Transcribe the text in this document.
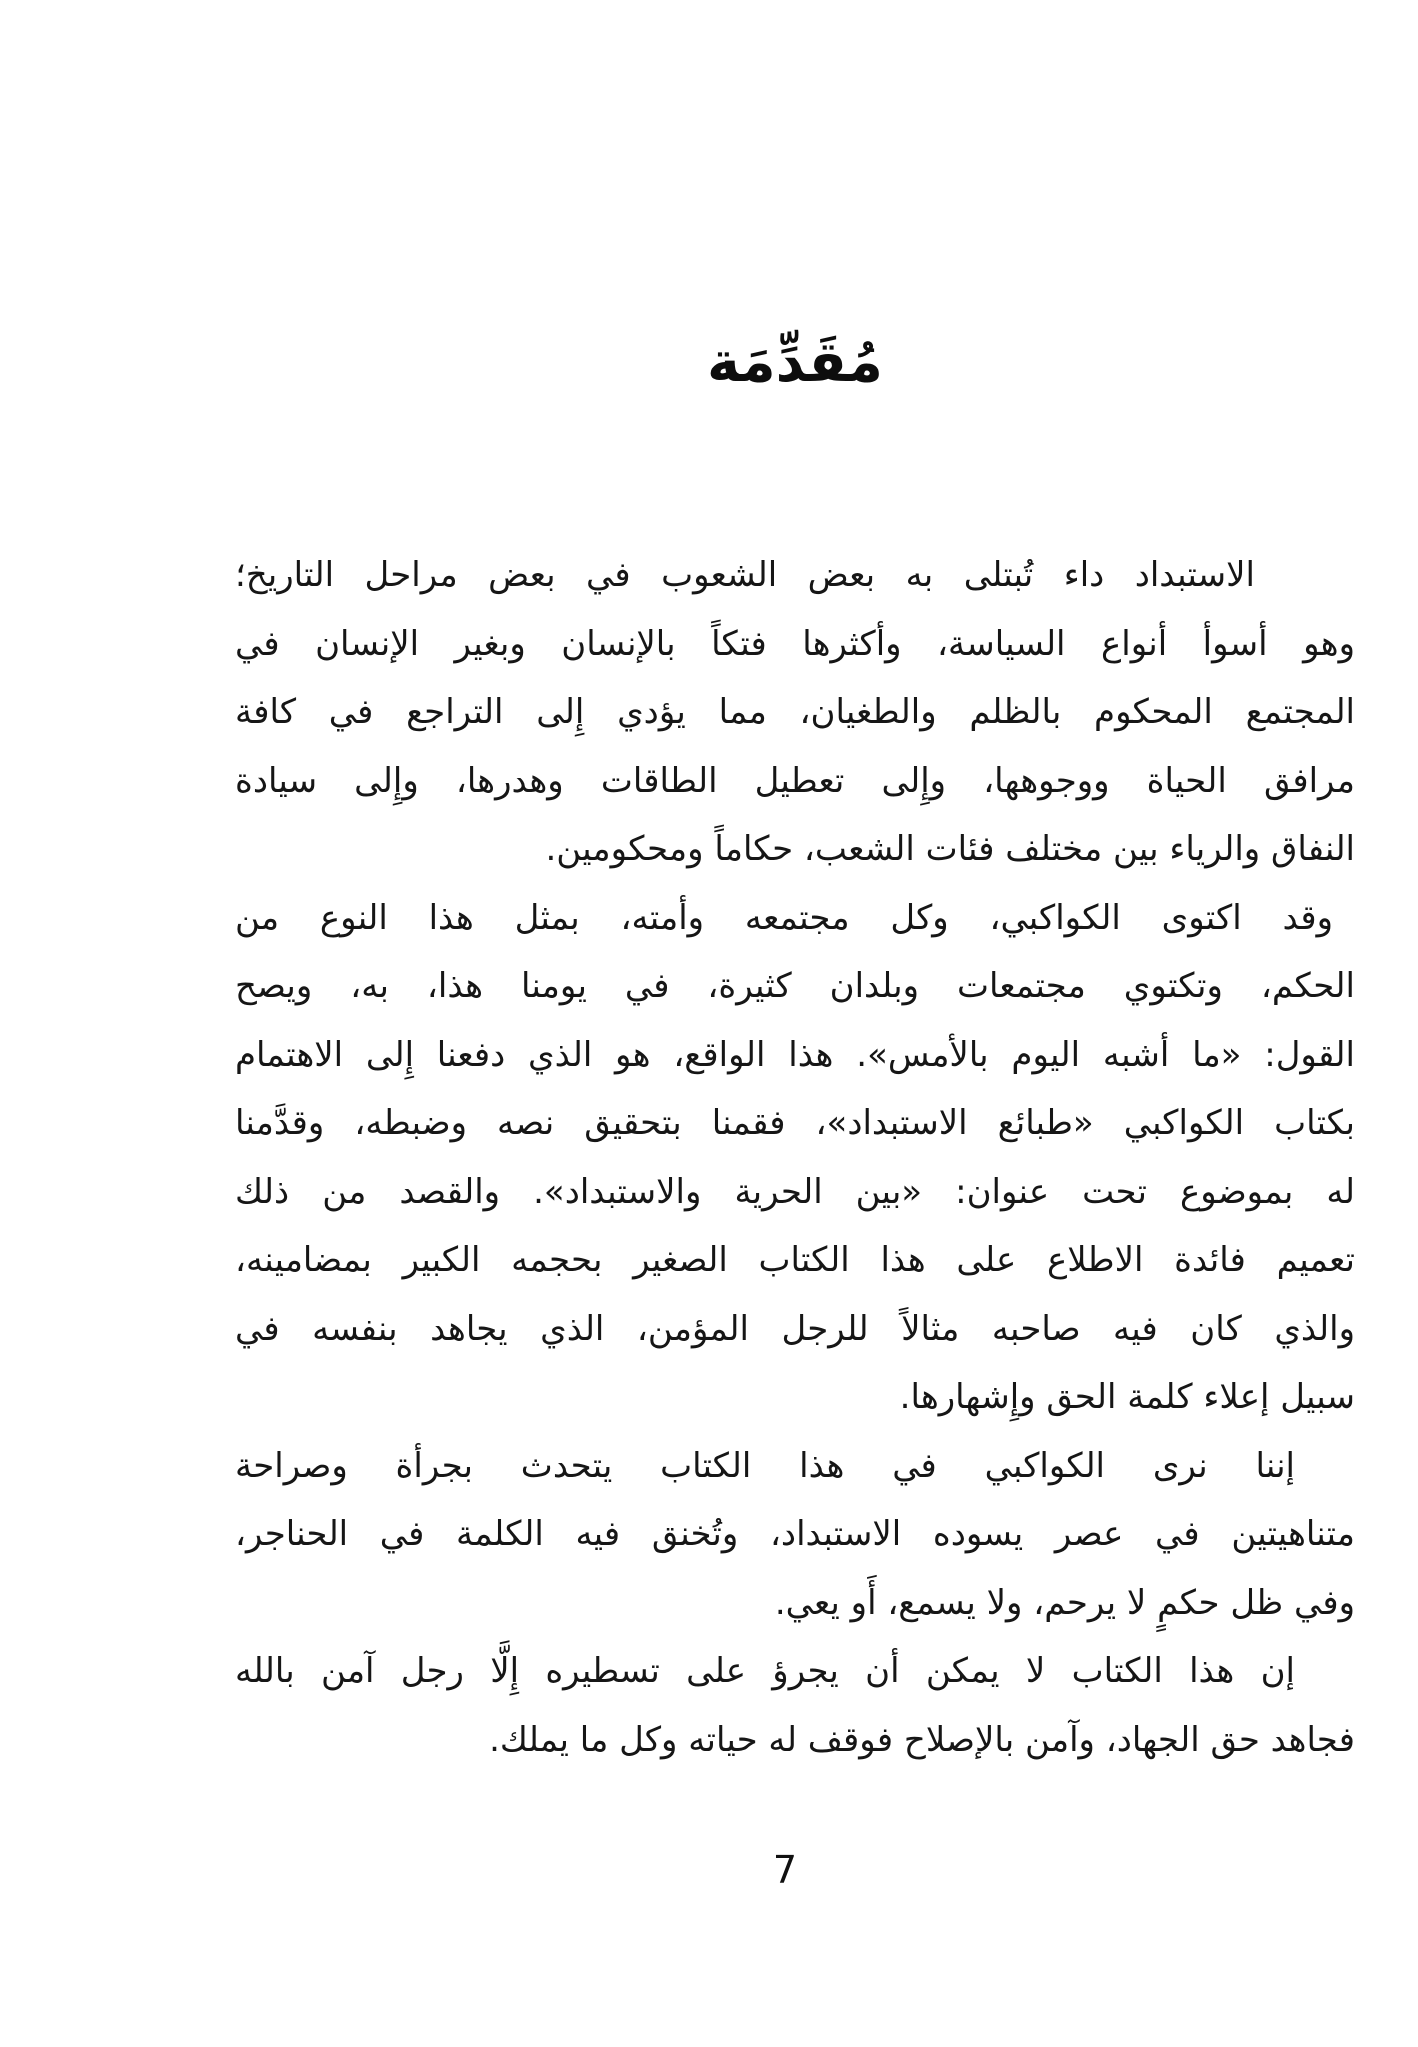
مُقَدِّمَة

الاستبداد داء تُبتلى به بعض الشعوب في بعض مراحل التاريخ؛
وهو أسوأ أنواع السياسة، وأكثرها فتكاً بالإنسان وبغير الإنسان في
المجتمع المحكوم بالظلم والطغيان، مما يؤدي إِلى التراجع في كافة
مرافق الحياة ووجوهها، وإِلى تعطيل الطاقات وهدرها، وإِلى سيادة
النفاق والرياء بين مختلف فئات الشعب، حكاماً ومحكومين.

وقد اكتوى الكواكبي، وكل مجتمعه وأمته، بمثل هذا النوع من
الحكم، وتكتوي مجتمعات وبلدان كثيرة، في يومنا هذا، به، ويصح
القول: «ما أشبه اليوم بالأمس». هذا الواقع، هو الذي دفعنا إِلى الاهتمام
بكتاب الكواكبي «طبائع الاستبداد»، فقمنا بتحقيق نصه وضبطه، وقدَّمنا
له بموضوع تحت عنوان: «بين الحرية والاستبداد». والقصد من ذلك
تعميم فائدة الاطلاع على هذا الكتاب الصغير بحجمه الكبير بمضامينه،
والذي كان فيه صاحبه مثالاً للرجل المؤمن، الذي يجاهد بنفسه في
سبيل إعلاء كلمة الحق وإِشهارها.

إننا نرى الكواكبي في هذا الكتاب يتحدث بجرأة وصراحة
متناهيتين في عصر يسوده الاستبداد، وتُخنق فيه الكلمة في الحناجر،
وفي ظل حكمٍ لا يرحم، ولا يسمع، أَو يعي.

إن هذا الكتاب لا يمكن أن يجرؤ على تسطيره إِلَّا رجل آمن بالله
فجاهد حق الجهاد، وآمن بالإصلاح فوقف له حياته وكل ما يملك.

7
